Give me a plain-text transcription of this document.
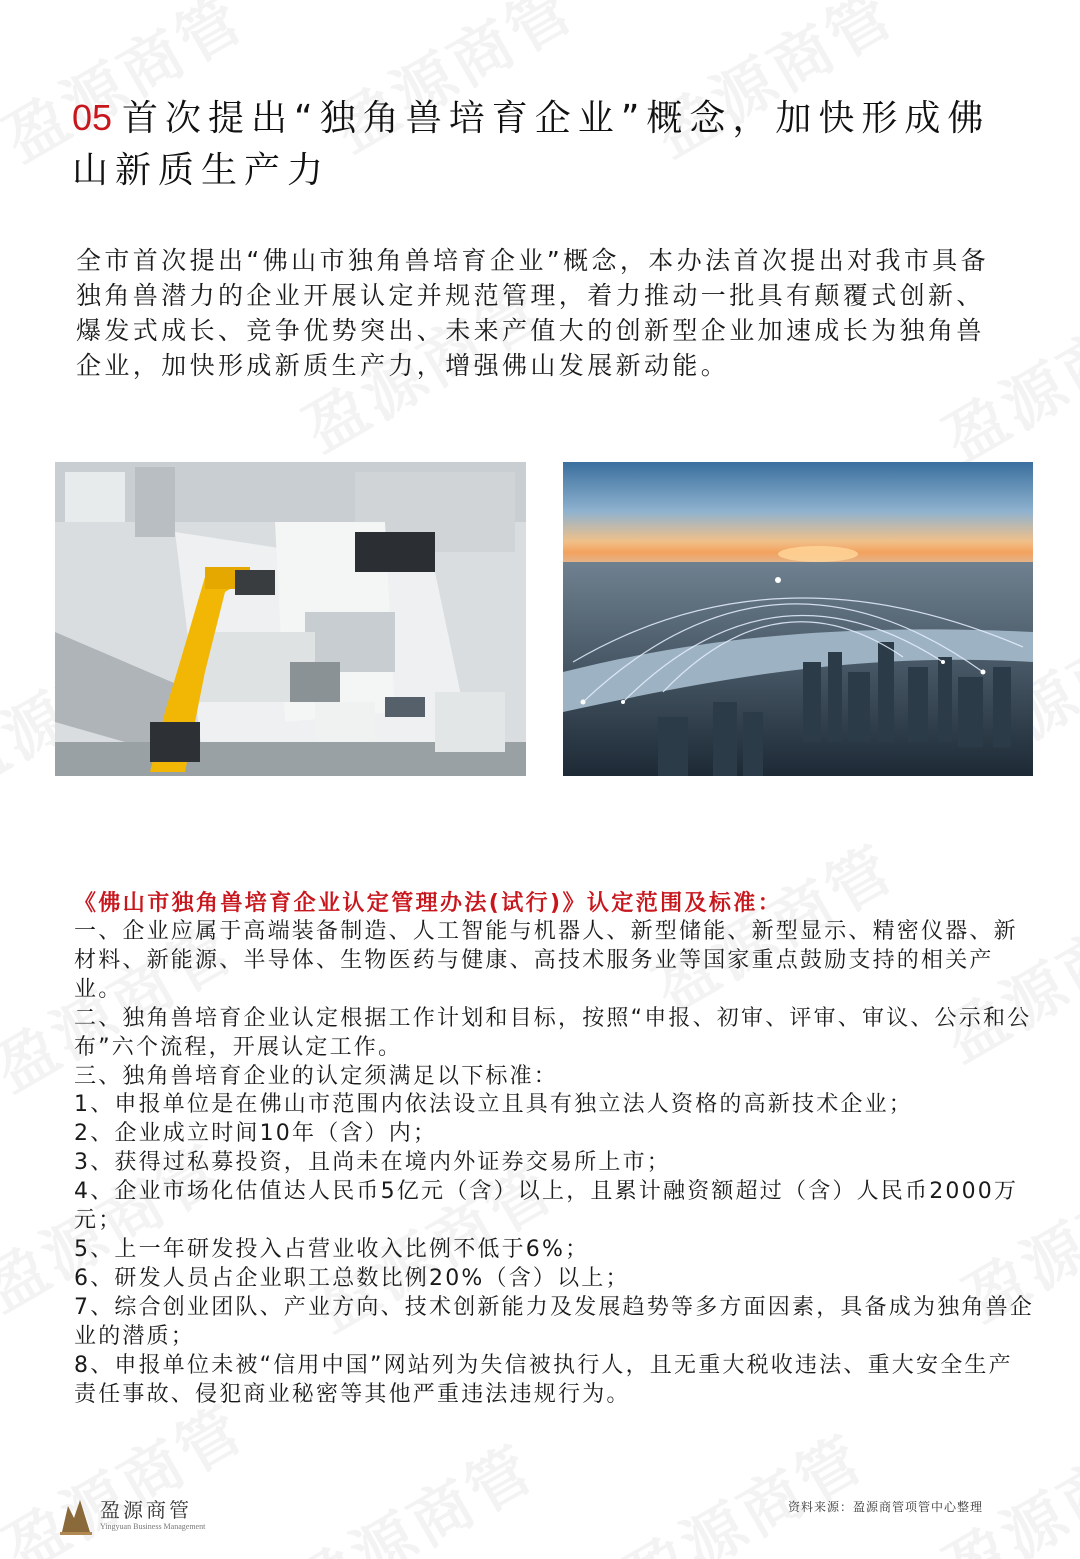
05 首次提出“独角兽培育企业”概念，加快形成佛山新质生产力
全市首次提出“佛山市独角兽培育企业”概念，本办法首次提出对我市具备独角兽潜力的企业开展认定并规范管理，着力推动一批具有颠覆式创新、爆发式成长、竞争优势突出、未来产值大的创新型企业加速成长为独角兽企业，加快形成新质生产力，增强佛山发展新动能。
《佛山市独角兽培育企业认定管理办法(试行)》认定范围及标准：

一、企业应属于高端装备制造、人工智能与机器人、新型储能、新型显示、精密仪器、新材料、新能源、半导体、生物医药与健康、高技术服务业等国家重点鼓励支持的相关产业。

二、独角兽培育企业认定根据工作计划和目标，按照“申报、初审、评审、审议、公示和公布”六个流程，开展认定工作。

三、独角兽培育企业的认定须满足以下标准：

1、申报单位是在佛山市范围内依法设立且具有独立法人资格的高新技术企业；

2、企业成立时间10年（含）内；

3、获得过私募投资，且尚未在境内外证券交易所上市；

4、企业市场化估值达人民币5亿元（含）以上，且累计融资额超过（含）人民币2000万元；

5、上一年研发投入占营业收入比例不低于6%；

6、研发人员占企业职工总数比例20%（含）以上；

7、综合创业团队、产业方向、技术创新能力及发展趋势等多方面因素，具备成为独角兽企业的潜质；

8、申报单位未被“信用中国”网站列为失信被执行人，且无重大税收违法、重大安全生产责任事故、侵犯商业秘密等其他严重违法违规行为。

盈源商管
Yingyuan Business Management
资料来源：盈源商管项管中心整理
